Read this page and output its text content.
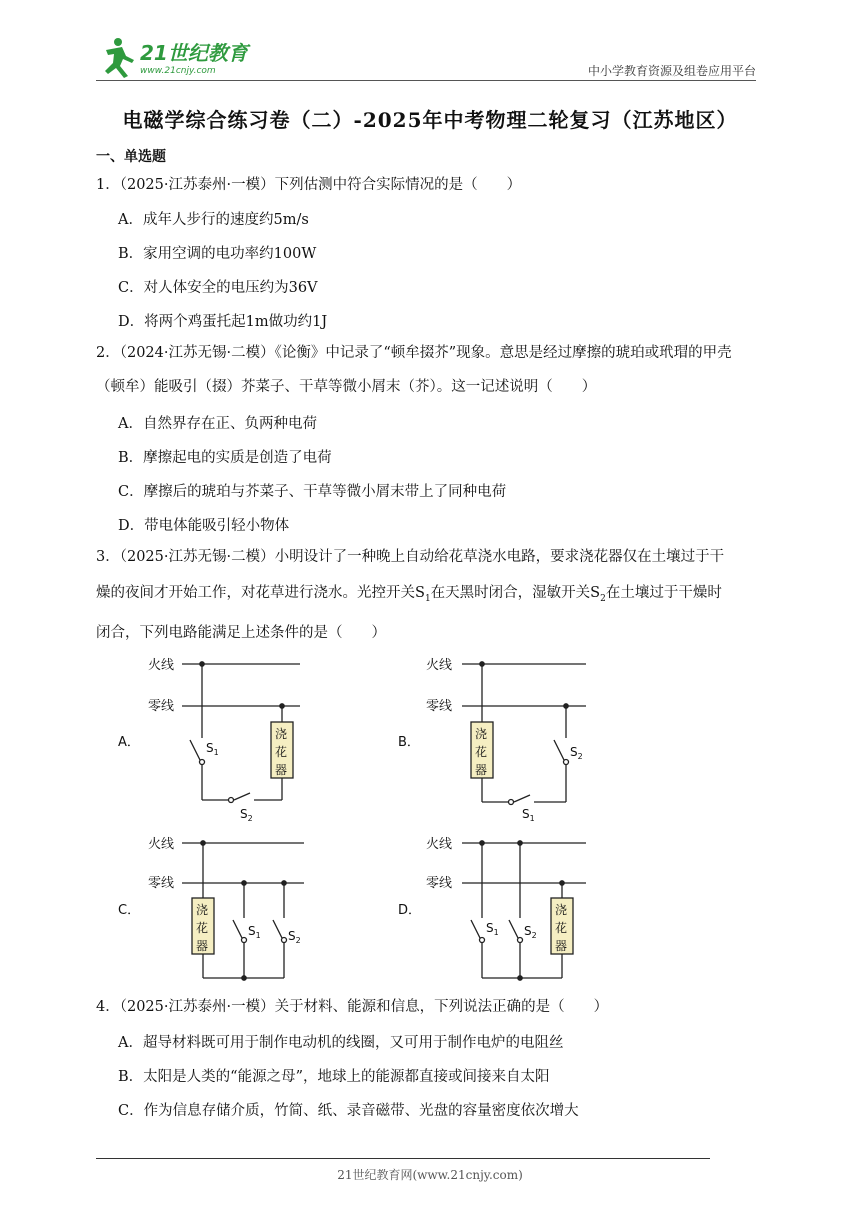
21世纪教育
www.21cnjy.com	中小学教育资源及组卷应用平台
电磁学综合练习卷（二）-2025年中考物理二轮复习（江苏地区）
一、单选题
1．（2025·江苏泰州·一模）下列估测中符合实际情况的是（　　）
A．成年人步行的速度约5m/s
B．家用空调的电功率约100W
C．对人体安全的电压约为36V
D．将两个鸡蛋托起1m做功约1J
2．（2024·江苏无锡·二模）《论衡》中记录了“顿牟掇芥”现象。意思是经过摩擦的琥珀或玳瑁的甲壳
（顿牟）能吸引（掇）芥菜子、干草等微小屑末（芥）。这一记述说明（　　）
A．自然界存在正、负两种电荷
B．摩擦起电的实质是创造了电荷
C．摩擦后的琥珀与芥菜子、干草等微小屑末带上了同种电荷
D．带电体能吸引轻小物体
3．（2025·江苏无锡·二模）小明设计了一种晚上自动给花草浇水电路，要求浇花器仅在土壤过于干
燥的夜间才开始工作，对花草进行浇水。光控开关$S_1$在天黑时闭合，湿敏开关$S_2$在土壤过于干燥时
闭合，下列电路能满足上述条件的是（　　）
A．
火线
零线
$S_1$
$S_2$
浇
花
器
B．
火线
零线
浇
花
器
$S_1$
$S_2$
C．
火线
零线
浇
花
器
$S_1$ $S_2$
D．
火线
零线
$S_1$ $S_2$
浇
花
器
4．（2025·江苏泰州·一模）关于材料、能源和信息，下列说法正确的是（　　）
A．超导材料既可用于制作电动机的线圈，又可用于制作电炉的电阻丝
B．太阳是人类的“能源之母”，地球上的能源都直接或间接来自太阳
C．作为信息存储介质，竹简、纸、录音磁带、光盘的容量密度依次增大
21世纪教育网(www.21cnjy.com)
